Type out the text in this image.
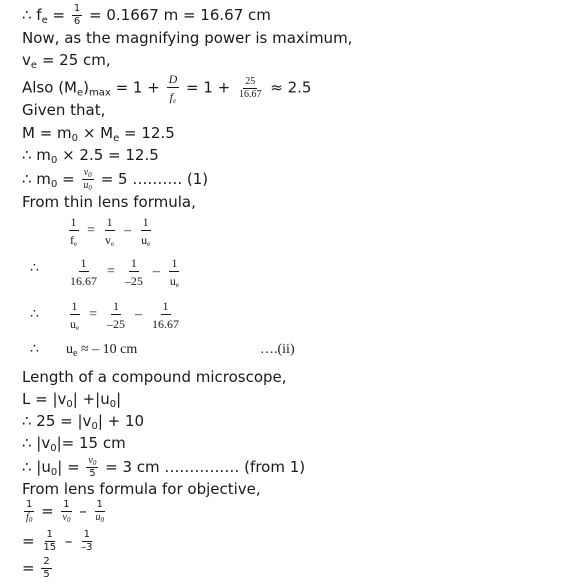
∴ $f_e = \frac{1}{6} = 0.1667$ m = 16.67 cm
Now, as the magnifying power is maximum,
$v_e = 25$ cm,
Also $(M_e)_{max} = 1 + \frac{D}{f_e} = 1 + \frac{25}{16.67} \approx 2.5$
Given that,
$M = m_0 \times M_e = 12.5$
∴ $m_0 \times 2.5 = 12.5$
∴ $m_0 = \frac{v_0}{u_0} = 5$ ………. (1)
From thin lens formula,
$\frac{1}{f_e} = \frac{1}{v_e} - \frac{1}{u_e}$
∴ $\frac{1}{16.67} = \frac{1}{-25} - \frac{1}{u_e}$
∴ $\frac{1}{u_e} = \frac{1}{-25} - \frac{1}{16.67}$
∴ $u_e$ ≈ – 10 cm	….(ii)
Length of a compound microscope,
$L = |v_0| +|u_0|$
∴ $25 = |v_0| + 10$
∴ $|v_0|= 15$ cm
∴ $|u_0| = \frac{v_0}{5} = 3$ cm …………… (from 1)
From lens formula for objective,
$\frac{1}{f_0} = \frac{1}{v_0} - \frac{1}{u_0}$
= $\frac{1}{15} - \frac{1}{-3}$
= $\frac{2}{5}$
